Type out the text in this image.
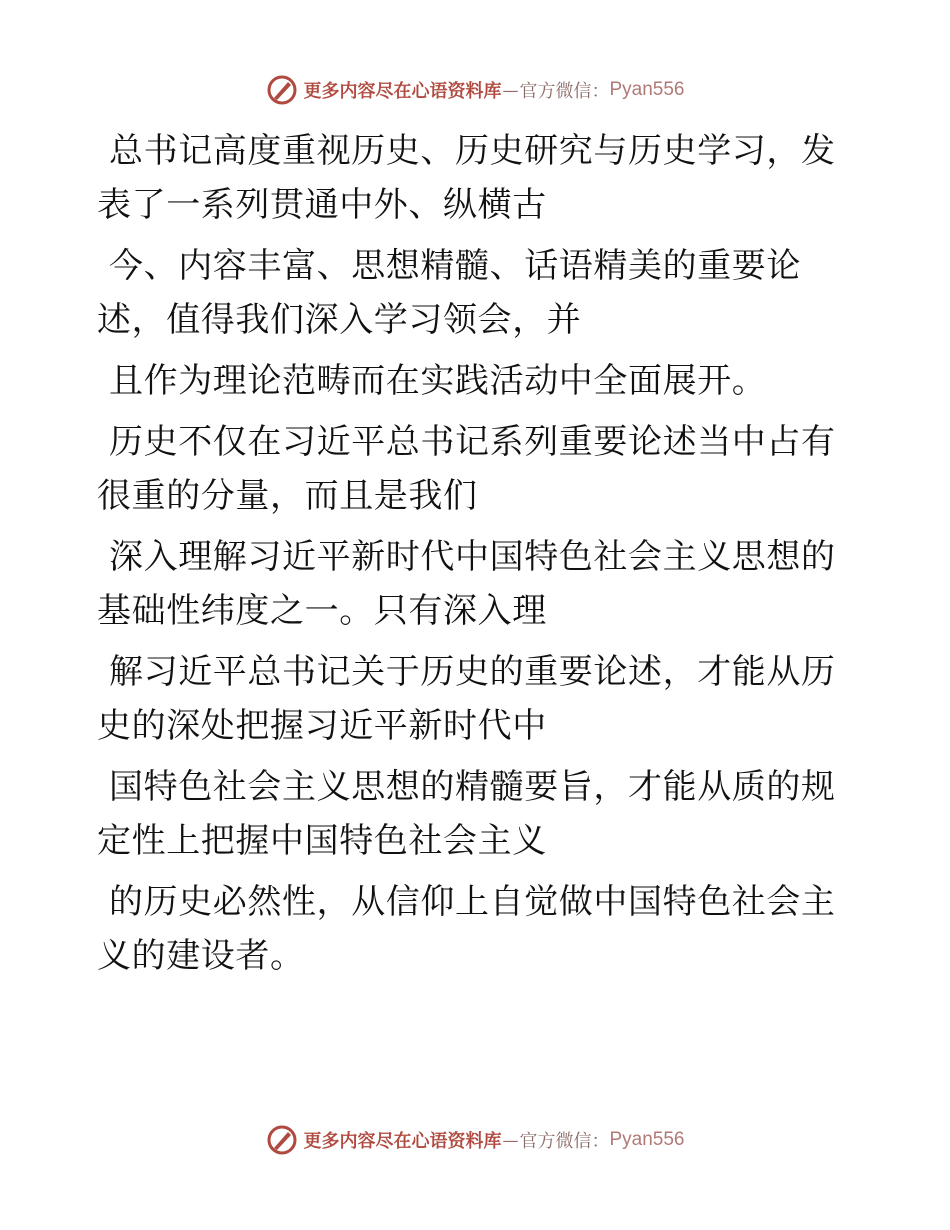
更多内容尽在心语资料库 — 官方微信： Pyan556
总书记高度重视历史、历史研究与历史学习，发
表了一系列贯通中外、纵横古
今、内容丰富、思想精髓、话语精美的重要论
述，值得我们深入学习领会，并
且作为理论范畴而在实践活动中全面展开。
历史不仅在习近平总书记系列重要论述当中占有
很重的分量，而且是我们
深入理解习近平新时代中国特色社会主义思想的
基础性纬度之一。只有深入理
解习近平总书记关于历史的重要论述，才能从历
史的深处把握习近平新时代中
国特色社会主义思想的精髓要旨，才能从质的规
定性上把握中国特色社会主义
的历史必然性，从信仰上自觉做中国特色社会主
义的建设者。
更多内容尽在心语资料库 — 官方微信： Pyan556
